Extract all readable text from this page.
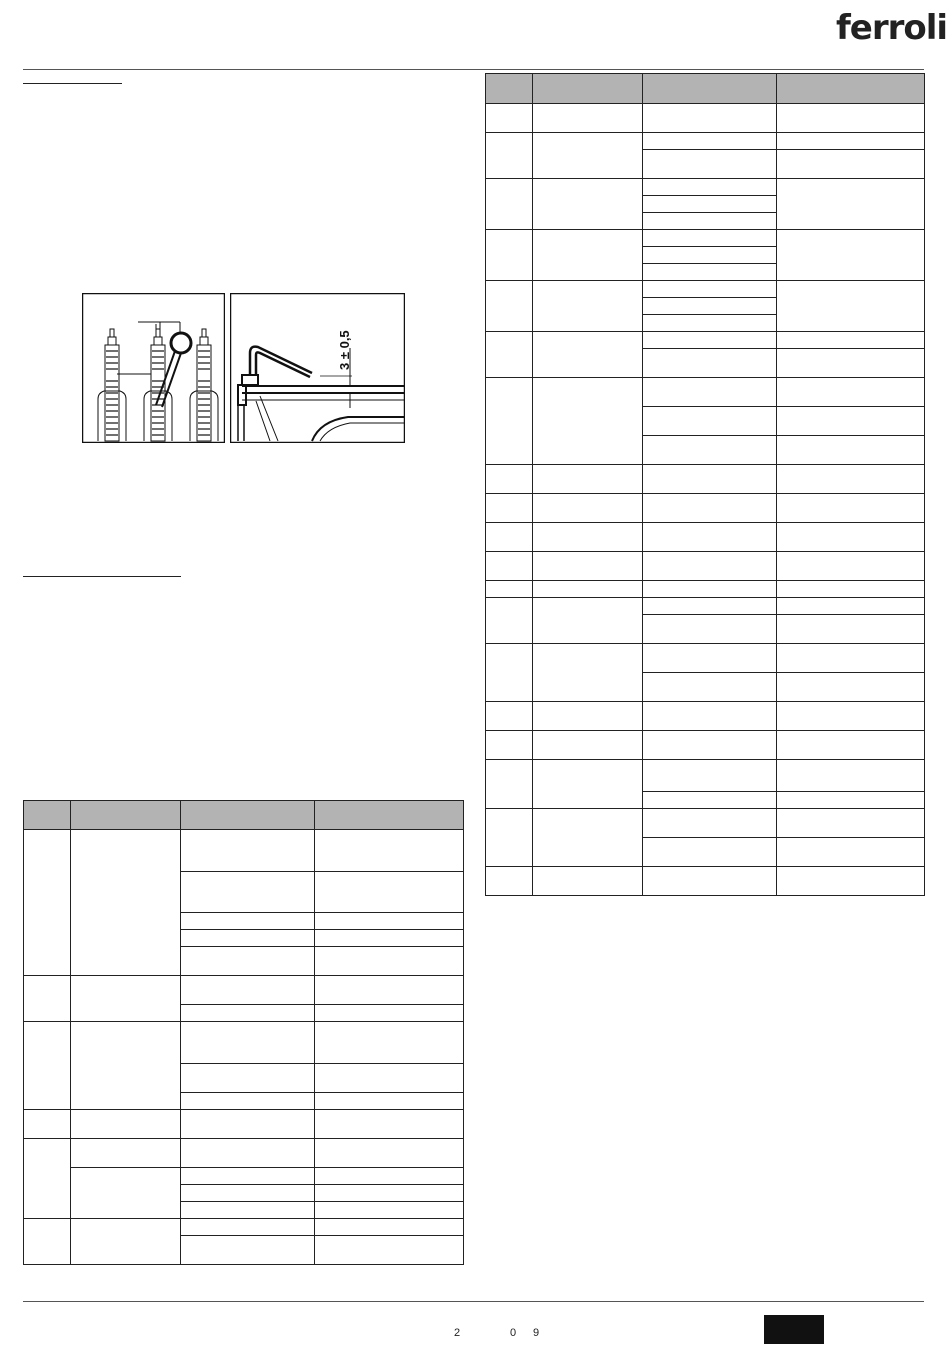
ferroli
3 ± 0,5

2	0 9
